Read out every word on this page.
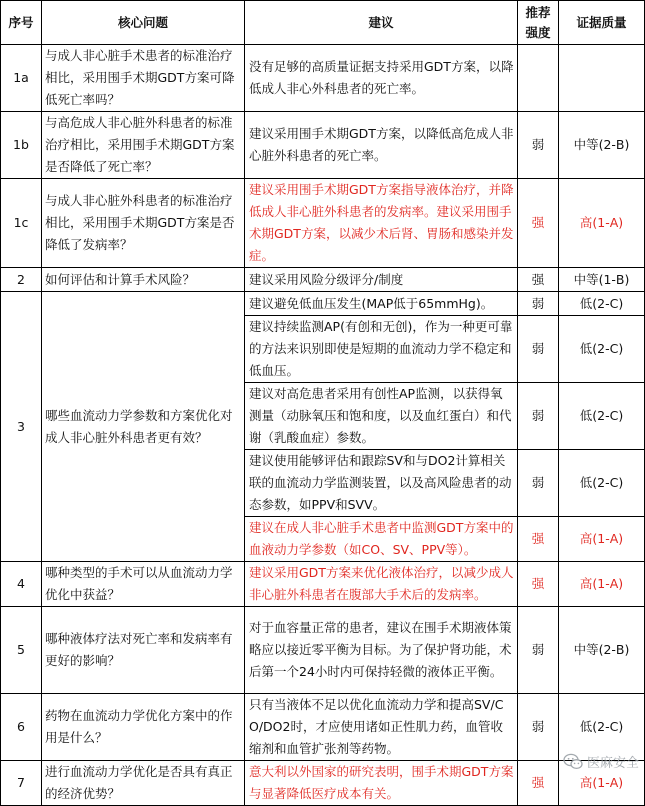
序号	核心问题	建议	推荐强度	证据质量
1a	与成人非心脏手术患者的标准治疗相比，采用围手术期GDT方案可降低死亡率吗？	没有足够的高质量证据支持采用GDT方案，以降低成人非心外科患者的死亡率。		
1b	与高危成人非心脏外科患者的标准治疗相比，采用围手术期GDT方案是否降低了死亡率？	建议采用围手术期GDT方案，以降低高危成人非心脏外科患者的死亡率。	弱	中等(2-B)
1c	与成人非心脏外科患者的标准治疗相比，采用围手术期GDT方案是否降低了发病率？	建议采用围手术期GDT方案指导液体治疗，并降低成人非心脏外科患者的发病率。建议采用围手术期GDT方案，以减少术后肾、胃肠和感染并发症。	强	高(1-A)
2	如何评估和计算手术风险？	建议采用风险分级评分/制度	强	中等(1-B)
3	哪些血流动力学参数和方案优化对成人非心脏外科患者更有效？	建议避免低血压发生(MAP低于65mmHg)。	弱	低(2-C)
		建议持续监测AP(有创和无创)，作为一种更可靠的方法来识别即使是短期的血流动力学不稳定和低血压。	弱	低(2-C)
		建议对高危患者采用有创性AP监测，以获得氧测量（动脉氧压和饱和度，以及血红蛋白）和代谢（乳酸血症）参数。	弱	低(2-C)
		建议使用能够评估和跟踪SV和与DO2计算相关联的血流动力学监测装置，以及高风险患者的动态参数，如PPV和SVV。	弱	低(2-C)
		建议在成人非心脏手术患者中监测GDT方案中的血液动力学参数（如CO、SV、PPV等）。	强	高(1-A)
4	哪种类型的手术可以从血流动力学优化中获益？	建议采用GDT方案来优化液体治疗，以减少成人非心脏外科患者在腹部大手术后的发病率。	强	高(1-A)
5	哪种液体疗法对死亡率和发病率有更好的影响？	对于血容量正常的患者，建议在围手术期液体策略应以接近零平衡为目标。为了保护肾功能，术后第一个24小时内可保持轻微的液体正平衡。	弱	中等(2-B)
6	药物在血流动力学优化方案中的作用是什么？	只有当液体不足以优化血流动力学和提高SV/CO/DO2时，才应使用诸如正性肌力药，血管收缩剂和血管扩张剂等药物。	弱	低(2-C)
7	进行血流动力学优化是否具有真正的经济优势？	意大利以外国家的研究表明，围手术期GDT方案与显著降低医疗成本有关。	强	高(1-A)
医麻安全
